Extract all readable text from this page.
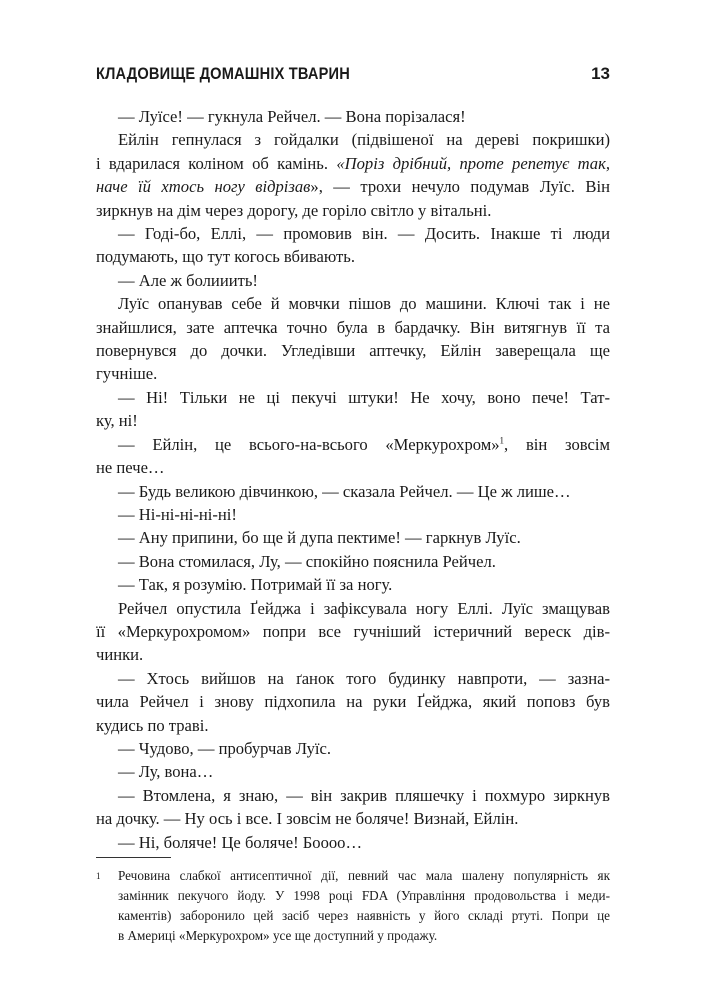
КЛАДОВИЩЕ ДОМАШНІХ ТВАРИН	13

— Луїсе! — гукнула Рейчел. — Вона порізалася!

Ейлін гепнулася з гойдалки (підвішеної на дереві покришки)
і вдарилася коліном об камінь. «Поріз дрібний, проте репетує так,
наче їй хтось ногу відрізав», — трохи нечуло подумав Луїс. Він
зиркнув на дім через дорогу, де горіло світло у вітальні.

— Годі-бо, Еллі, — промовив він. — Досить. Інакше ті люди
подумають, що тут когось вбивають.

— Але ж болииить!

Луїс опанував себе й мовчки пішов до машини. Ключі так і не
знайшлися, зате аптечка точно була в бардачку. Він витягнув її та
повернувся до дочки. Угледівши аптечку, Ейлін заверещала ще
гучніше.

— Ні! Тільки не ці пекучі штуки! Не хочу, воно пече! Тат-
ку, ні!

— Ейлін, це всього-на-всього «Меркурохром»$^1$, він зовсім
не пече…

— Будь великою дівчинкою, — сказала Рейчел. — Це ж лише…

— Ні-ні-ні-ні-ні!

— Ану припини, бо ще й дупа пектиме! — гаркнув Луїс.

— Вона стомилася, Лу, — спокійно пояснила Рейчел.

— Так, я розумію. Потримай її за ногу.

Рейчел опустила Ґейджа і зафіксувала ногу Еллі. Луїс змащував
її «Меркурохромом» попри все гучніший істеричний вереск дів-
чинки.

— Хтось вийшов на ґанок того будинку навпроти, — зазна-
чила Рейчел і знову підхопила на руки Ґейджа, який поповз був
кудись по траві.

— Чудово, — пробурчав Луїс.

— Лу, вона…

— Втомлена, я знаю, — він закрив пляшечку і похмуро зиркнув
на дочку. — Ну ось і все. І зовсім не боляче! Визнай, Ейлін.

— Ні, боляче! Це боляче! Боооо…

1 Речовина слабкої антисептичної дії, певний час мала шалену популярність як
замінник пекучого йоду. У 1998 році FDA (Управління продовольства і меди-
каментів) заборонило цей засіб через наявність у його складі ртуті. Попри це
в Америці «Меркурохром» усе ще доступний у продажу.
